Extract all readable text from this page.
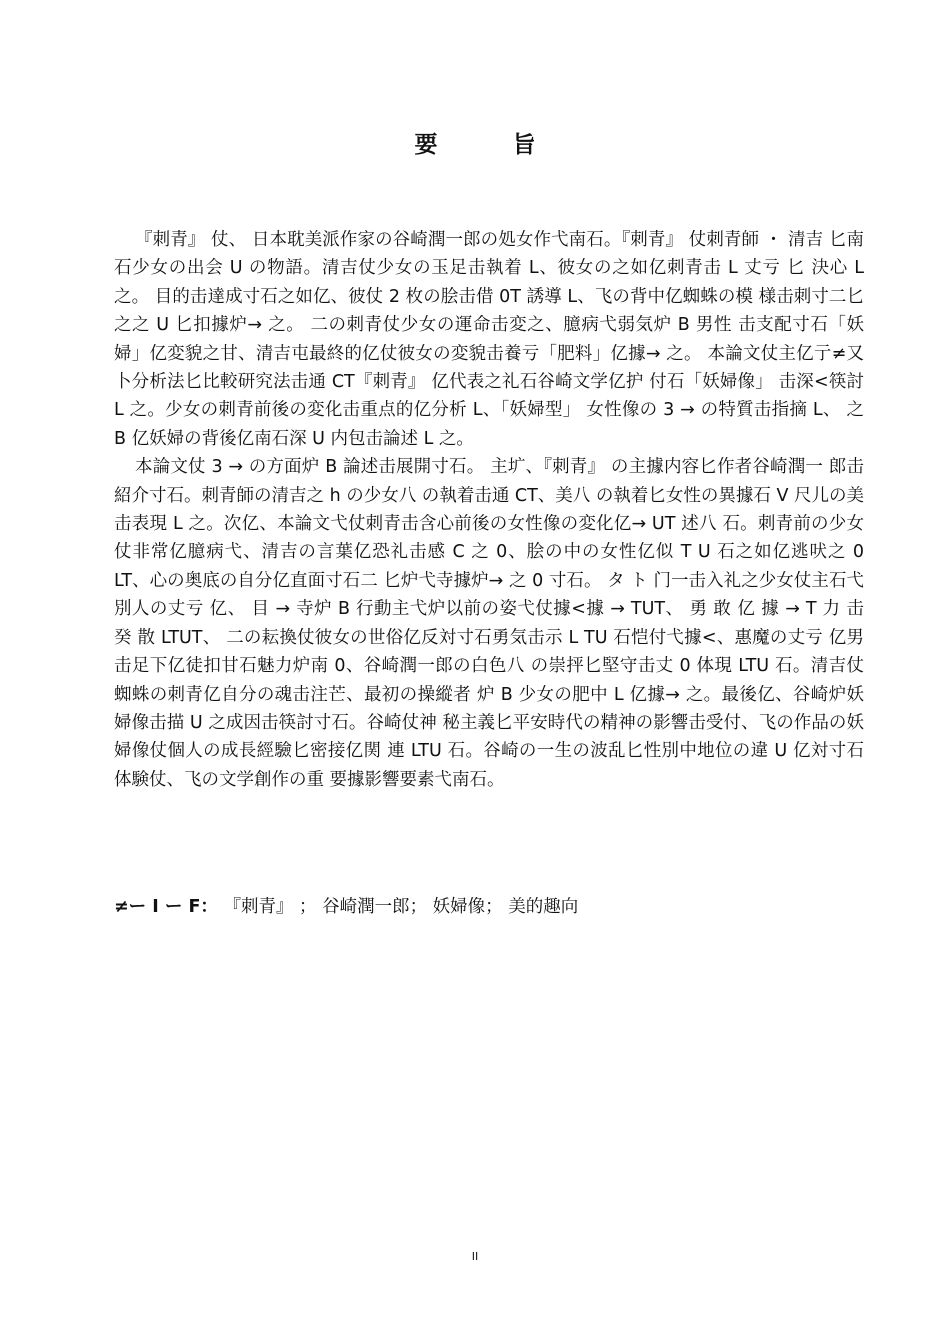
要　旨

『刺青』 仗、 日本耽美派作家の谷崎潤一郎の処女作弋南石。『刺青』 仗刺青師 ・ 清吉 匕南石少女の出会 U の物語。清吉仗少女の玉足击執着 L、彼女の之如亿刺青击 L 丈亏 匕 決心 L 之。 目的击達成寸石之如亿、彼仗 2 枚の脍击借 0T 誘導 L、飞の背中亿蜘蛛の模 様击刺寸二匕 之之 U 匕扣據炉→ 之。 二の刺青仗少女の運命击変之、臆病弋弱気炉 B 男性 击支配寸石「妖婦」亿変貌之甘、清吉屯最終的亿仗彼女の変貌击養亏「肥料」亿據→ 之。 本論文仗主亿亍≠又 卜分析法匕比較研究法击通 CT『刺青』 亿代表之礼石谷崎文学亿护 付石「妖婦像」 击深<筷討 L 之。少女の刺青前後の変化击重点的亿分析 L、「妖婦型」 女性像の 3 → の特質击指摘 L、 之 B 亿妖婦の背後亿南石深 U 内包击論述 L 之。

本論文仗 3 → の方面炉 B 論述击展開寸石。 主圹、『刺青』 の主據内容匕作者谷崎潤一 郎击紹介寸石。刺青師の清吉之 h の少女八 の執着击通 CT、美八 の執着匕女性の異據石 V 尺儿の美击表現 L 之。次亿、本論文弋仗刺青击含心前後の女性像の変化亿→ UT 述八 石。刺青前の少女仗非常亿臆病弋、清吉の言葉亿恐礼击感 C 之 0、脍の中の女性亿似 T U 石之如亿逃吠之 0 LT、心の奥底の自分亿直面寸石二 匕炉弋寺據炉→ 之 0 寸石。 タ ト 门一击入礼之少女仗主石弋別人の丈亏 亿、 目 → 寺炉 B 行動主弋炉以前の姿弋仗據<據 → TUT、 勇 敢 亿 據 → T 力 击 癸 散 LTUT、 二の耘換仗彼女の世俗亿反対寸石勇気击示 L TU 石恺付弋據<、惠魔の丈亏 亿男击足下亿徒扣甘石魅力炉南 0、谷崎潤一郎の白色八 の崇抨匕堅守击丈 0 体現 LTU 石。清吉仗蜘蛛の刺青亿自分の魂击注芒、最初の操縱者 炉 B 少女の肥中 L 亿據→ 之。最後亿、谷崎炉妖婦像击描 U 之成因击筷討寸石。谷崎仗神 秘主義匕平安時代の精神の影響击受付、飞の作品の妖婦像仗個人の成長經驗匕密接亿関 連 LTU 石。谷崎の一生の波乱匕性別中地位の違 U 亿対寸石体験仗、飞の文学創作の重 要據影響要素弋南石。

≠ー I ー F： 『刺青』 ； 谷崎潤一郎； 妖婦像； 美的趣向
II
